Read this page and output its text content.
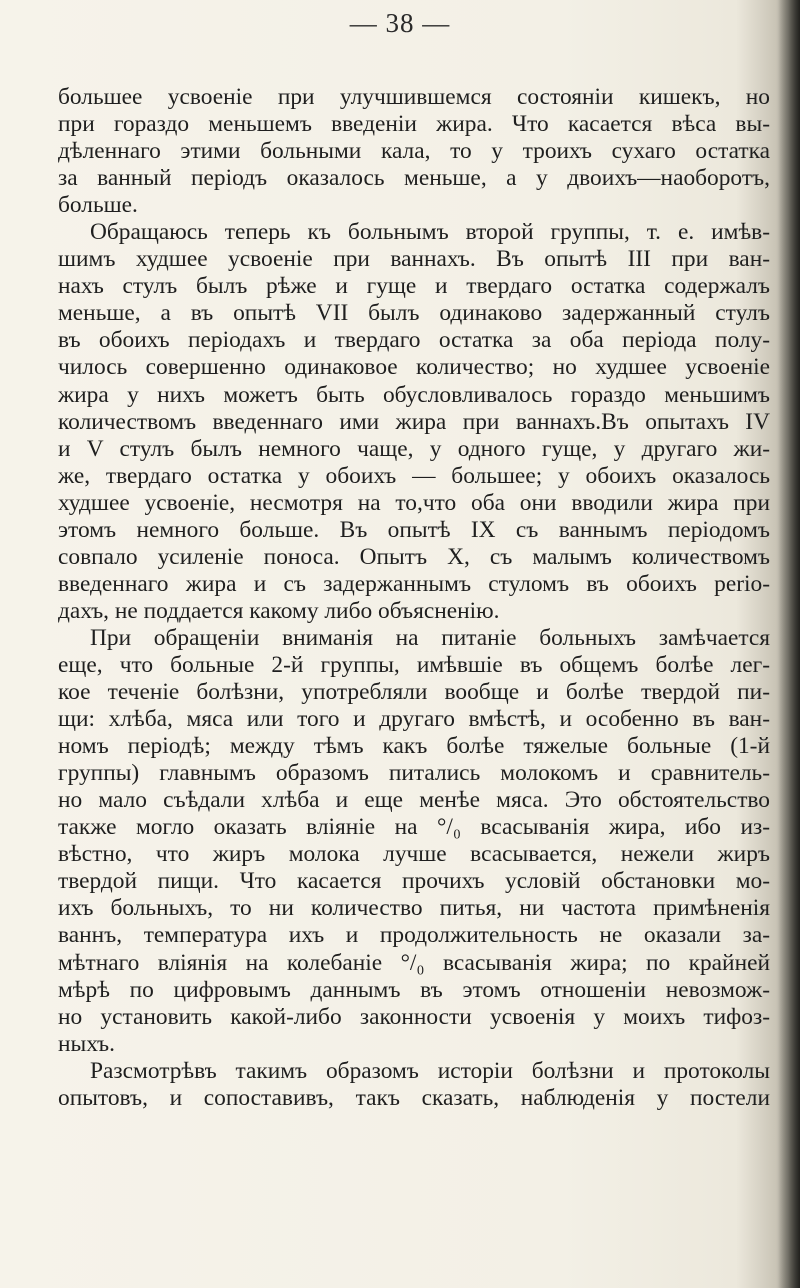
— 38 —
большее усвоеніе при улучшившемся состояніи кишекъ, но
при гораздо меньшемъ введеніи жира. Что касается вѣса вы-
дѣленнаго этими больными кала, то у троихъ сухаго остатка
за ванный періодъ оказалось меньше, а у двоихъ—наоборотъ,
больше.
Обращаюсь теперь къ больнымъ второй группы, т. е. имѣв-
шимъ худшее усвоеніе при ваннахъ. Въ опытѣ III при ван-
нахъ стулъ былъ рѣже и гуще и твердаго остатка содержалъ
меньше, а въ опытѣ VII былъ одинаково задержанный стулъ
въ обоихъ періодахъ и твердаго остатка за оба періода полу-
чилось совершенно одинаковое количество; но худшее усвоеніе
жира у нихъ можетъ быть обусловливалось гораздо меньшимъ
количествомъ введеннаго ими жира при ваннахъ.Въ опытахъ IV
и V стулъ былъ немного чаще, у одного гуще, у другаго жи-
же, твердаго остатка у обоихъ — большее; у обоихъ оказалось
худшее усвоеніе, несмотря на то,что оба они вводили жира при
этомъ немного больше. Въ опытѣ IX съ ваннымъ періодомъ
совпало усиленіе поноса. Опытъ X, съ малымъ количествомъ
введеннаго жира и съ задержаннымъ стуломъ въ обоихъ perio-
дахъ, не поддается какому либо объясненію.
При обращеніи вниманія на питаніе больныхъ замѣчается
еще, что больные 2-й группы, имѣвшіе въ общемъ болѣе лег-
кое теченіе болѣзни, употребляли вообще и болѣе твердой пи-
щи: хлѣба, мяса или того и другаго вмѣстѣ, и особенно въ ван-
номъ періодѣ; между тѣмъ какъ болѣе тяжелые больные (1-й
группы) главнымъ образомъ питались молокомъ и сравнитель-
но мало съѣдали хлѣба и еще менѣе мяса. Это обстоятельство
также могло оказать вліяніе на °/₀ всасыванія жира, ибо из-
вѣстно, что жиръ молока лучше всасывается, нежели жиръ
твердой пищи. Что касается прочихъ условій обстановки мо-
ихъ больныхъ, то ни количество питья, ни частота примѣненія
ваннъ, температура ихъ и продолжительность не оказали за-
мѣтнаго вліянія на колебаніе °/₀ всасыванія жира; по крайней
мѣрѣ по цифровымъ даннымъ въ этомъ отношеніи невозмож-
но установить какой-либо законности усвоенія у моихъ тифоз-
ныхъ.
Разсмотрѣвъ такимъ образомъ исторіи болѣзни и протоколы
опытовъ, и сопоставивъ, такъ сказать, наблюденія у постели
